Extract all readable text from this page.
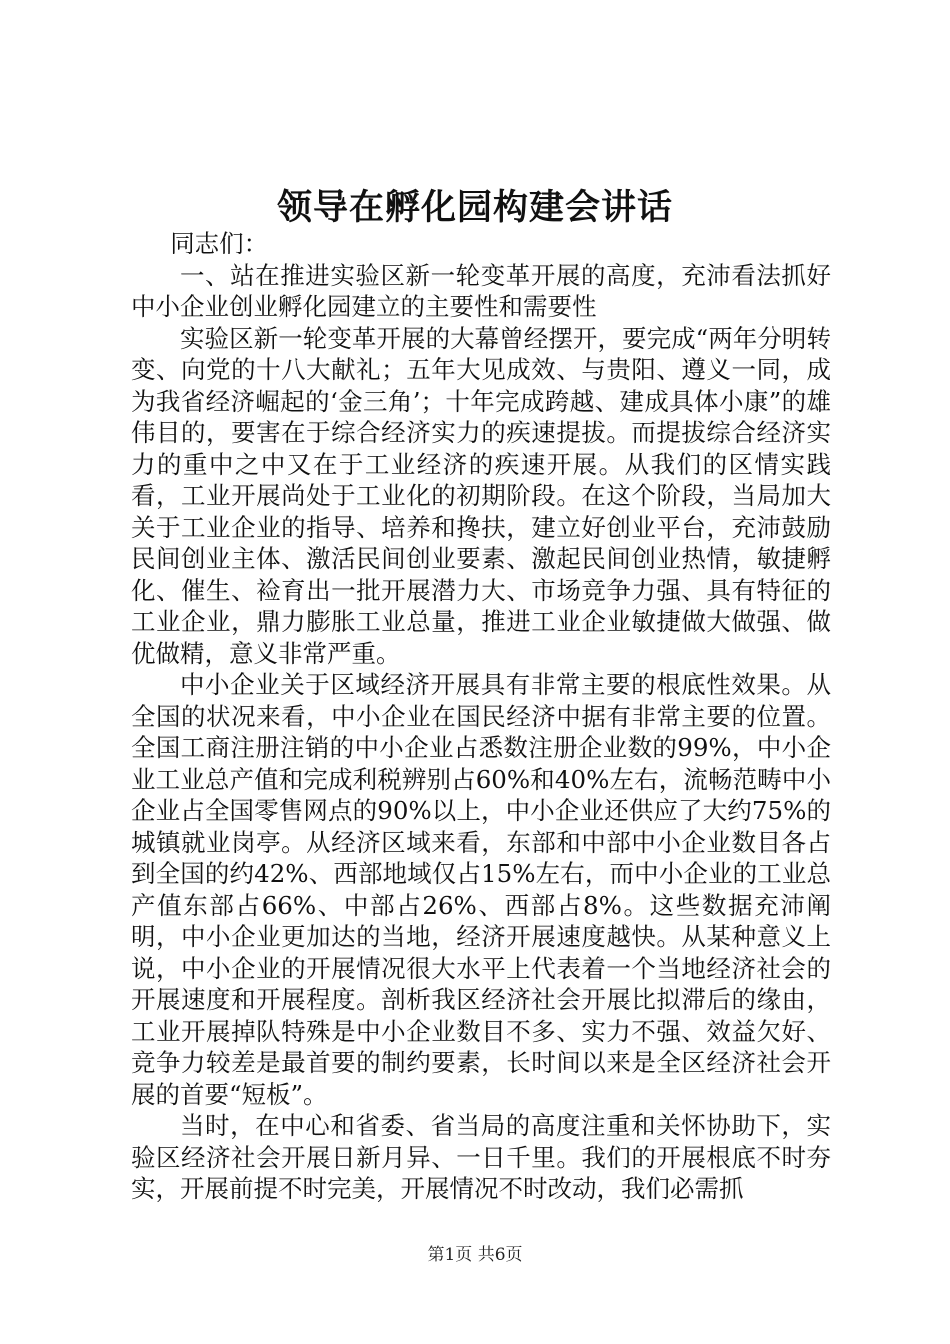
领导在孵化园构建会讲话

同志们：

一、站在推进实验区新一轮变革开展的高度，充沛看法抓好中小企业创业孵化园建立的主要性和需要性

实验区新一轮变革开展的大幕曾经摆开，要完成“两年分明转变、向党的十八大献礼；五年大见成效、与贵阳、遵义一同，成为我省经济崛起的‘金三角’；十年完成跨越、建成具体小康”的雄伟目的，要害在于综合经济实力的疾速提拔。而提拔综合经济实力的重中之中又在于工业经济的疾速开展。从我们的区情实践看，工业开展尚处于工业化的初期阶段。在这个阶段，当局加大关于工业企业的指导、培养和搀扶，建立好创业平台，充沛鼓励民间创业主体、激活民间创业要素、激起民间创业热情，敏捷孵化、催生、裣育出一批开展潜力大、市场竞争力强、具有特征的工业企业，鼎力膨胀工业总量，推进工业企业敏捷做大做强、做优做精，意义非常严重。

中小企业关于区域经济开展具有非常主要的根底性效果。从全国的状况来看，中小企业在国民经济中据有非常主要的位置。全国工商注册注销的中小企业占悉数注册企业数的99%，中小企业工业总产值和完成利税辨别占60%和40%左右，流畅范畴中小企业占全国零售网点的90%以上，中小企业还供应了大约75%的城镇就业岗亭。从经济区域来看，东部和中部中小企业数目各占到全国的约42%、西部地域仅占15%左右，而中小企业的工业总产值东部占66%、中部占26%、西部占8%。这些数据充沛阐明，中小企业更加达的当地，经济开展速度越快。从某种意义上说，中小企业的开展情况很大水平上代表着一个当地经济社会的开展速度和开展程度。剖析我区经济社会开展比拟滞后的缘由，工业开展掉队特殊是中小企业数目不多、实力不强、效益欠好、竞争力较差是最首要的制约要素，长时间以来是全区经济社会开展的首要“短板”。

当时，在中心和省委、省当局的高度注重和关怀协助下，实验区经济社会开展日新月异、一日千里。我们的开展根底不时夯实，开展前提不时完美，开展情况不时改动，我们必需抓

第1页 共6页
